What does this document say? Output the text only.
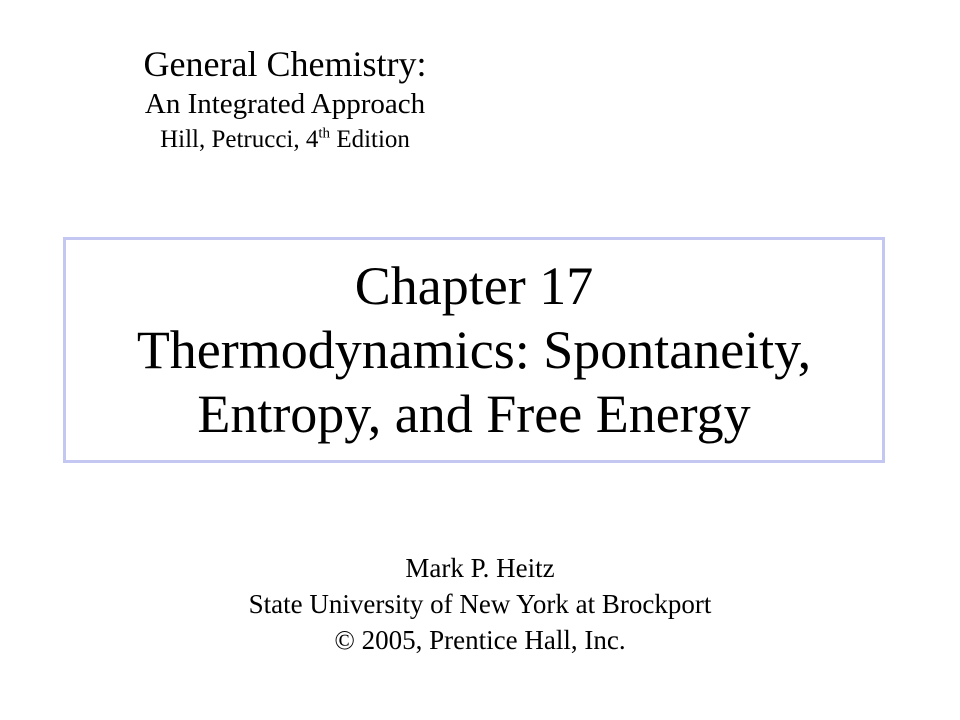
General Chemistry:
An Integrated Approach
Hill, Petrucci, 4th Edition
Chapter 17
Thermodynamics: Spontaneity,
Entropy, and Free Energy
Mark P. Heitz
State University of New York at Brockport
© 2005, Prentice Hall, Inc.
